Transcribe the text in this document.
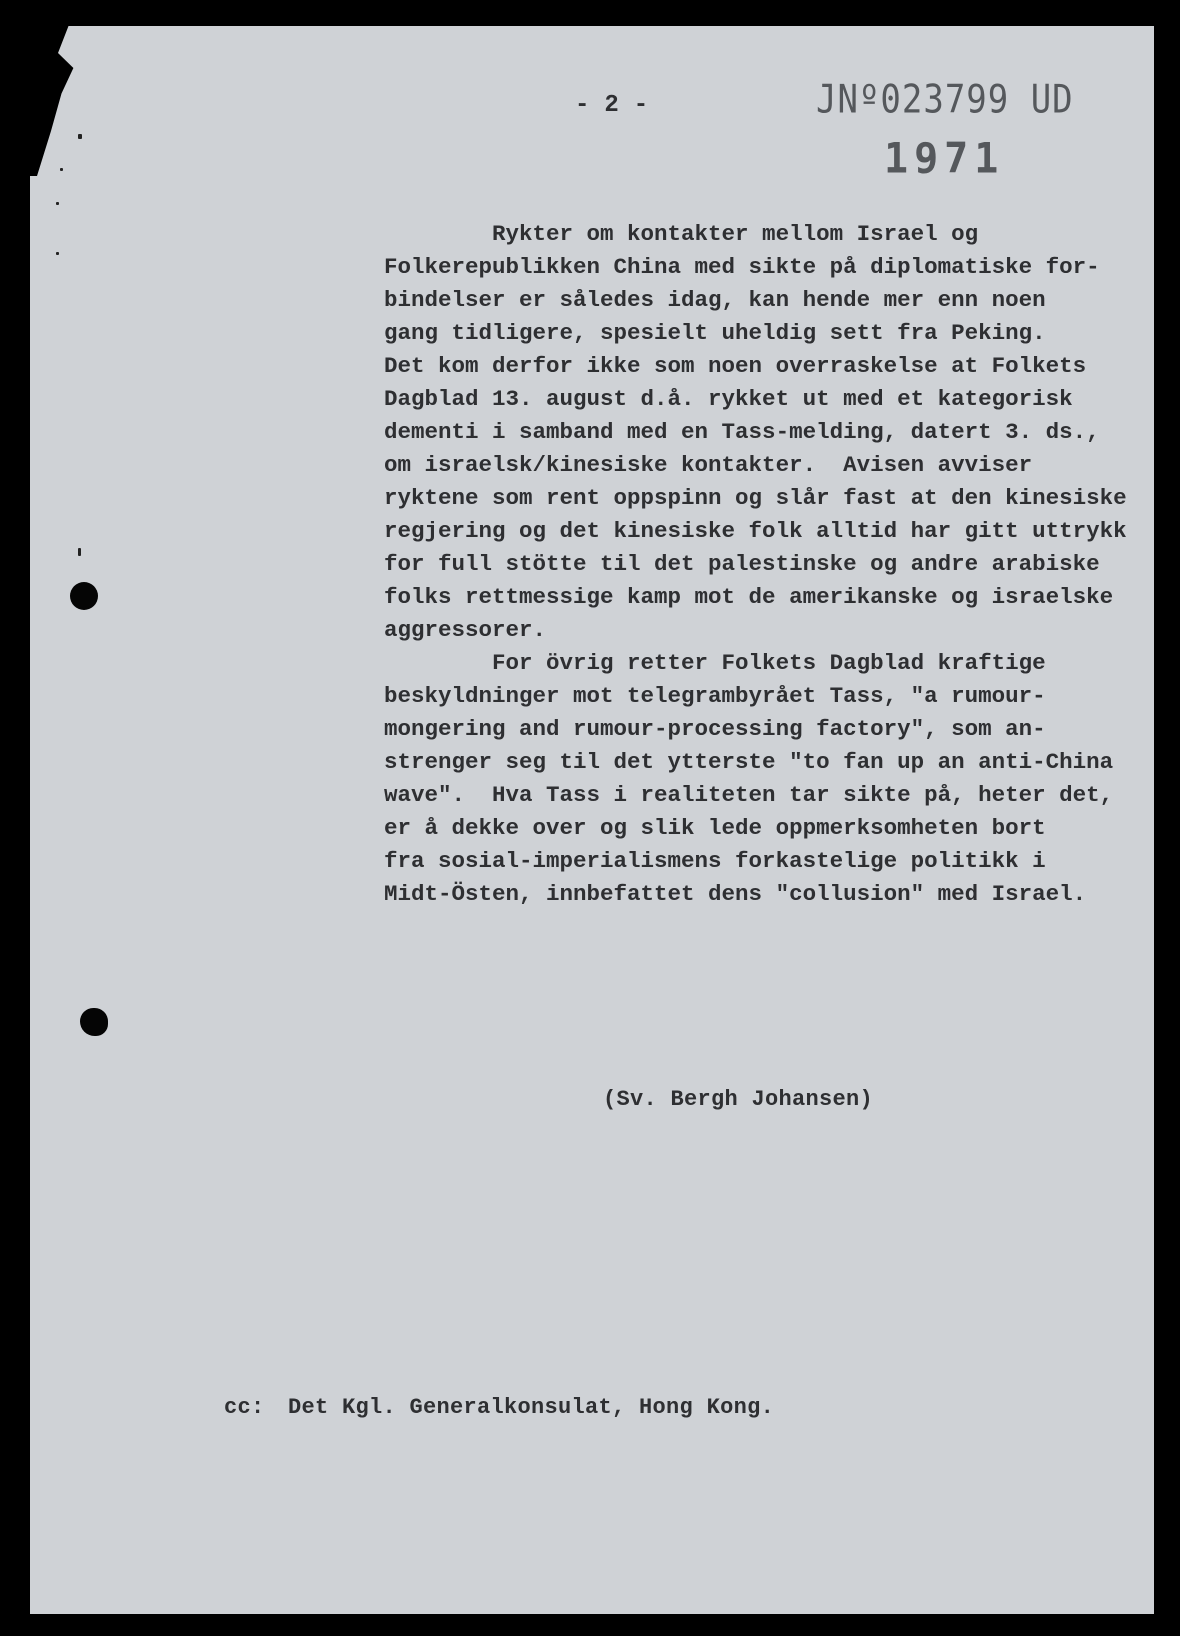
- 2 -	JNº023799 UD
1971
Rykter om kontakter mellom Israel og
Folkerepublikken China med sikte på diplomatiske for-
bindelser er således idag, kan hende mer enn noen
gang tidligere, spesielt uheldig sett fra Peking.
Det kom derfor ikke som noen overraskelse at Folkets
Dagblad 13. august d.å. rykket ut med et kategorisk
dementi i samband med en Tass-melding, datert 3. ds.,
om israelsk/kinesiske kontakter.  Avisen avviser
ryktene som rent oppspinn og slår fast at den kinesiske
regjering og det kinesiske folk alltid har gitt uttrykk
for full stötte til det palestinske og andre arabiske
folks rettmessige kamp mot de amerikanske og israelske
aggressorer.
For övrig retter Folkets Dagblad kraftige
beskyldninger mot telegrambyrået Tass, "a rumour-
mongering and rumour-processing factory", som an-
strenger seg til det ytterste "to fan up an anti-China
wave".  Hva Tass i realiteten tar sikte på, heter det,
er å dekke over og slik lede oppmerksomheten bort
fra sosial-imperialismens forkastelige politikk i
Midt-Östen, innbefattet dens "collusion" med Israel.
(Sv. Bergh Johansen)
cc: Det Kgl. Generalkonsulat, Hong Kong.
